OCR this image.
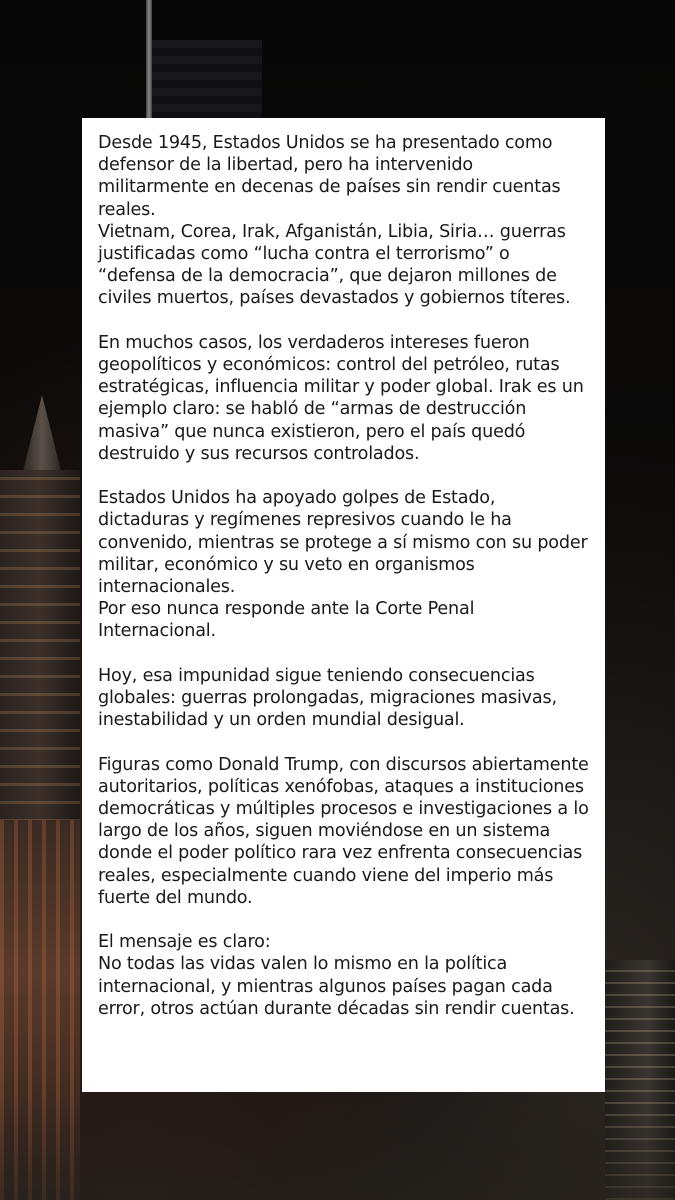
Desde 1945, Estados Unidos se ha presentado como defensor de la libertad, pero ha intervenido militarmente en decenas de países sin rendir cuentas reales.
Vietnam, Corea, Irak, Afganistán, Libia, Siria… guerras justificadas como “lucha contra el terrorismo” o “defensa de la democracia”, que dejaron millones de civiles muertos, países devastados y gobiernos títeres.

En muchos casos, los verdaderos intereses fueron geopolíticos y económicos: control del petróleo, rutas estratégicas, influencia militar y poder global. Irak es un ejemplo claro: se habló de “armas de destrucción masiva” que nunca existieron, pero el país quedó destruido y sus recursos controlados.

Estados Unidos ha apoyado golpes de Estado, dictaduras y regímenes represivos cuando le ha convenido, mientras se protege a sí mismo con su poder militar, económico y su veto en organismos internacionales.
Por eso nunca responde ante la Corte Penal Internacional.

Hoy, esa impunidad sigue teniendo consecuencias globales: guerras prolongadas, migraciones masivas, inestabilidad y un orden mundial desigual.

Figuras como Donald Trump, con discursos abiertamente autoritarios, políticas xenófobas, ataques a instituciones democráticas y múltiples procesos e investigaciones a lo largo de los años, siguen moviéndose en un sistema donde el poder político rara vez enfrenta consecuencias reales, especialmente cuando viene del imperio más fuerte del mundo.

El mensaje es claro:
No todas las vidas valen lo mismo en la política internacional, y mientras algunos países pagan cada error, otros actúan durante décadas sin rendir cuentas.
